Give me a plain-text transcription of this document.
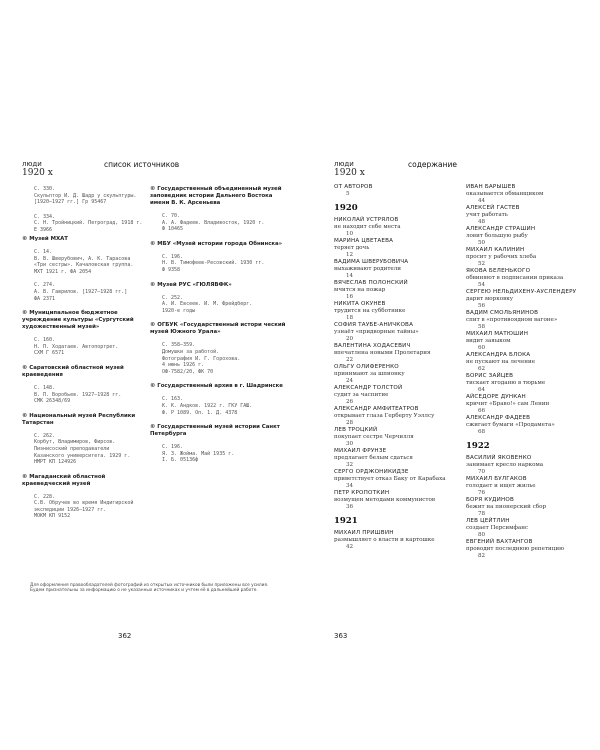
люди
1920 х
список источников
С. 330.
Скульптор И. Д. Шадр у скульптуры.
[1920–1927 гг.] Гр 95467
С. 334.
С. Н. Тройницкий. Петроград, 1918 г.
Е 3966
© Музей МХАТ
С. 14.
В. В. Шверубович, А. К. Тарасова
«Три сестры». Качаловская группа.
МХТ 1921 г. ФА 2054
С. 274.
А. В. Гаврилов. [1927–1928 гг.]
ФА 2371
© Муниципальное бюджетное учреждение культуры «Сургутский художественный музей»
С. 160.
Н. П. Ходатаев. Автопортрет.
СХМ Г 6571
© Саратовский областной музей краеведения
С. 148.
В. П. Воробьев. 1927–1928 гг.
СМК 26348/69
© Национальный музей Республики Татарстан
С. 262.
Корбут, Владимиров, Фирсов.
Пиэнисоский преподаватели
Казанского университета. 1929 г.
НМРТ КП 124926
© Магаданский областной краеведческий музей
С. 228.
С.В. Обручев во время Индигирской
экспедиции 1926–1927 гг.
МОКМ КП 9152
© Государственный объединенный музей заповедник истории Дальнего Востока имени В. К. Арсеньева
С. 70.
А. А. Фадеев. Владивосток, 1920 г.
Ф 10465
© МБУ «Музей истории города Обнинска»
С. 196.
Н. В. Тимофеев-Ресовский. 1930 гг.
Ф 9358
© Музей РУС «ГЮЛЯВФК»
С. 252.
А. И. Евсеев. И. М. Фрейдберг.
1920-е годы
© ОГБУК «Государственный истори ческий музей Южного Урала»
С. 358–359.
Домушки за работой.
Фотография И. Г. Горохова.
4 июнь 1926 г.
ОФ-7582/20, ФК 70
© Государственный архив в г. Шадринске
С. 163.
К. К. Андков. 1922 г. ГКУ ГАШ.
Ф. Р 1089. Оп. 1. Д. 4378
© Государственный музей истории Санкт Петербурга
С. 196.
Я. З. Жойма. Май 1935 г.
I. Б. 05136ф
Для оформления правообладателей фотографий из открытых источников были приложены все усилия. Будем признательны за информацию о не указанных источниках и учтем её в дальнейшей работе.
362
люди
1920 х
содержание
ОТ АВТОРОВ
5
1920
НИКОЛАЙ УСТРЯЛОВ
не находит себе места
10
МАРИНА ЦВЕТАЕВА
теряет дочь
12
ВАДИМА ШВЕРУБОВИЧА
выхаживают родители
14
ВЯЧЕСЛАВ ПОЛОНСКИЙ
мчится на пожар
16
НИКИТА ОКУНЕВ
трудится на субботнике
18
СОФИЯ ТАУБЕ-АНИЧКОВА
узнаёт «придворные тайны»
20
ВАЛЕНТИНА ХОДАСЕВИЧ
впечатлена новыми Пролетария
22
ОЛЬГУ ОЛИФЕРЕНКО
принимают за шпионку
24
АЛЕКСАНДР ТОЛСТОЙ
судит за часпитие
26
АЛЕКСАНДР АМФИТЕАТРОВ
открывает глаза Герберту Уэллсу
28
ЛЕВ ТРОЦКИЙ
покупает сестре Черчилля
30
МИХАИЛ ФРУНЗЕ
предлагает белым сдаться
32
СЕРГО ОРДЖОНИКИДЗЕ
приветствует отказ Баку от Карабаха
34
ПЕТР КРОПОТКИН
возмущен методами коммунистов
36
1921
МИХАИЛ ПРИШВИН
размышляет о власти и картошке
42
ИВАН БАРЫШЕВ
оказывается обманщиком
44
АЛЕКСЕЙ ГАСТЕВ
учит работать
48
АЛЕКСАНДР СТРАШИН
ловит большую рыбу
50
МИХАИЛ КАЛИНИН
просит у рабочих хлеба
52
ЯКОВА БЕЛЕНЬКОГО
обвиняют в подписании приказа
54
СЕРГЕЮ НЕЛЬДИХЕНУ-АУСЛЕНДЕРУ
дарит морковку
56
ВАДИМ СМОЛЬЯНИНОВ
спит в «противоядном вагоне»
58
МИХАИЛ МАТЮШИН
видит заяыком
60
АЛЕКСАНДРА БЛОКА
не пускают на лечение
62
БОРИС ЗАЙЦЕВ
тискает ягоданю в тюрьме
64
АЙСЕДОРЕ ДУНКАН
кричит «Браво!» сам Ленин
66
АЛЕКСАНДР ФАДЕЕВ
сжигает бумаги «Продамета»
68
1922
ВАСИЛИЙ ЯКОВЕНКО
занимает кресло наркома
70
МИХАИЛ БУЛГАКОВ
голодает и ищет жилье
76
БОРЯ КУДИНОВ
бежит на пионерский сбор
78
ЛЕВ ЦЕЙТЛИН
создает Персимфанс
80
ЕВГЕНИЙ ВАХТАНГОВ
проводит последнюю репетицию
82
363
